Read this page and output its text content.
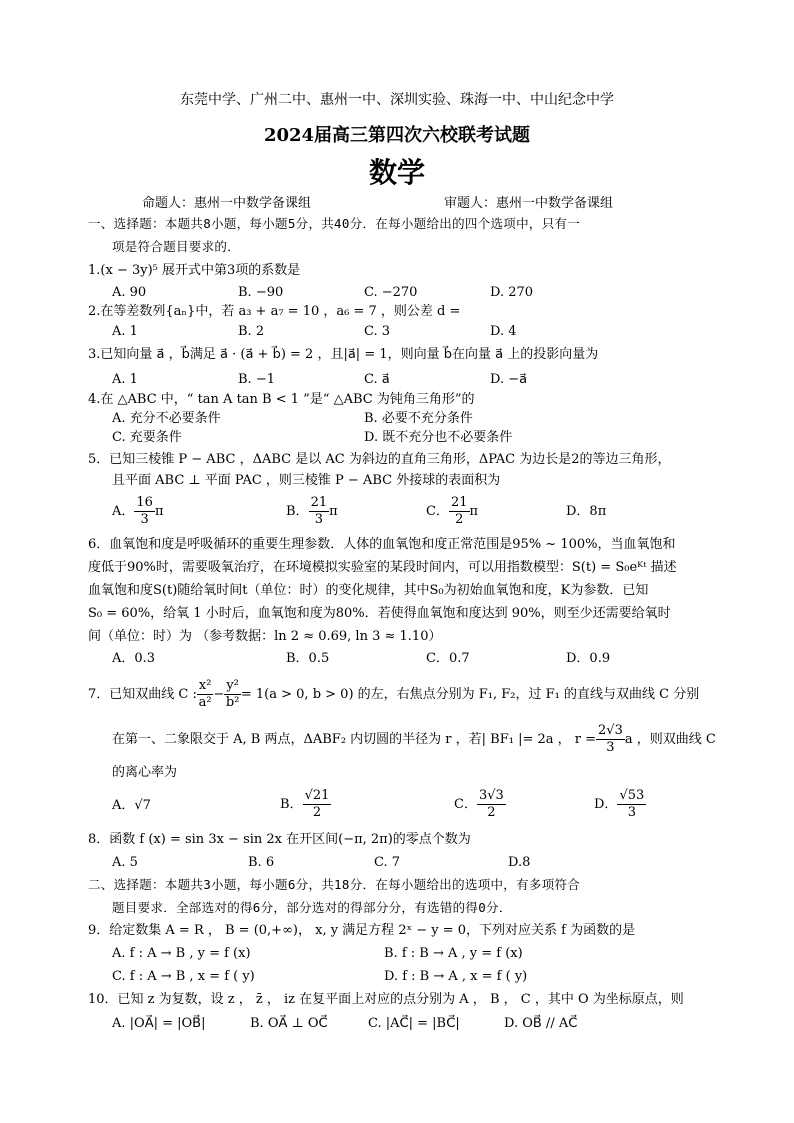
东莞中学、广州二中、惠州一中、深圳实验、珠海一中、中山纪念中学
2024届高三第四次六校联考试题
数学
命题人：惠州一中数学备课组	审题人：惠州一中数学备课组
一、选择题：本题共8小题，每小题5分，共40分．在每小题给出的四个选项中，只有一
项是符合题目要求的．
1.(x − 3y)⁵ 展开式中第3项的系数是
A. 90	B. −90	C. −270	D. 270
2.在等差数列{aₙ}中，若 a₃ + a₇ = 10 ，a₆ = 7 ，则公差 d =
A. 1	B. 2	C. 3	D. 4
3.已知向量 a⃗ ，b⃗满足 a⃗ · (a⃗ + b⃗) = 2 ，且|a⃗| = 1，则向量 b⃗在向量 a⃗ 上的投影向量为
A. 1	B. −1	C. a⃗	D. −a⃗
4.在 △ABC 中，“ tan A tan B < 1 ”是“ △ABC 为钝角三角形”的
A. 充分不必要条件	B. 必要不充分条件
C. 充要条件	D. 既不充分也不必要条件
5．已知三棱锥 P − ABC ，ΔABC 是以 AC 为斜边的直角三角形，ΔPAC 为边长是2的等边三角形，
且平面 ABC ⊥ 平面 PAC ，则三棱锥 P − ABC 外接球的表面积为
A． $\frac{16}{3}$ π	B． $\frac{21}{3}$ π	C． $\frac{21}{2}$ π	D．8π
6．血氧饱和度是呼吸循环的重要生理参数．人体的血氧饱和度正常范围是95% ~ 100%，当血氧饱和
度低于90%时，需要吸氧治疗，在环境模拟实验室的某段时间内，可以用指数模型：S(t) = S₀eᴷᵗ 描述
血氧饱和度S(t)随给氧时间t（单位：时）的变化规律，其中S₀为初始血氧饱和度，K为参数．已知
S₀ = 60%，给氧 1 小时后，血氧饱和度为80%．若使得血氧饱和度达到 90%，则至少还需要给氧时
间（单位：时）为 （参考数据：ln 2 ≈ 0.69, ln 3 ≈ 1.10）
A．0.3	B．0.5	C．0.7	D．0.9
7．已知双曲线 C : $\frac{\text{x²}}{\text{a²}} - \frac{\text{y²}}{\text{b²}} = 1(a > 0$, b > 0) 的左，右焦点分别为 F₁, F₂，过 F₁ 的直线与双曲线 C 分别
在第一、二象限交于 A, B 两点，ΔABF₂ 内切圆的半径为 r ，若| BF₁ |= 2a ， $r = \frac{2√3}{3}$ a ，则双曲线 C
的离心率为
A．√7	B． $\frac{√21}{2}$	C． $\frac{3√3}{2}$	D． $\frac{√53}{3}$
8．函数 f (x) = sin 3x − sin 2x 在开区间(−π, 2π)的零点个数为
A. 5	B. 6	C. 7	D.8
二、选择题：本题共3小题，每小题6分，共18分．在每小题给出的选项中，有多项符合
题目要求．全部选对的得6分，部分选对的得部分分，有选错的得0分．
9．给定数集 A = R ， B = (0,+∞)， x, y 满足方程 2ˣ − y = 0，下列对应关系 f 为函数的是
A. f : A → B , y = f (x)	B. f : B → A , y = f (x)
C. f : A → B , x = f ( y)	D. f : B → A , x = f ( y)
10．已知 z 为复数，设 z ， z̄ ， iz 在复平面上对应的点分别为 A ， B ， C ，其中 O 为坐标原点，则
A. |OA⃗| = |OB⃗|	B. OA⃗ ⊥ OC⃗	C. |AC⃗| = |BC⃗|	D. OB⃗ // AC⃗
